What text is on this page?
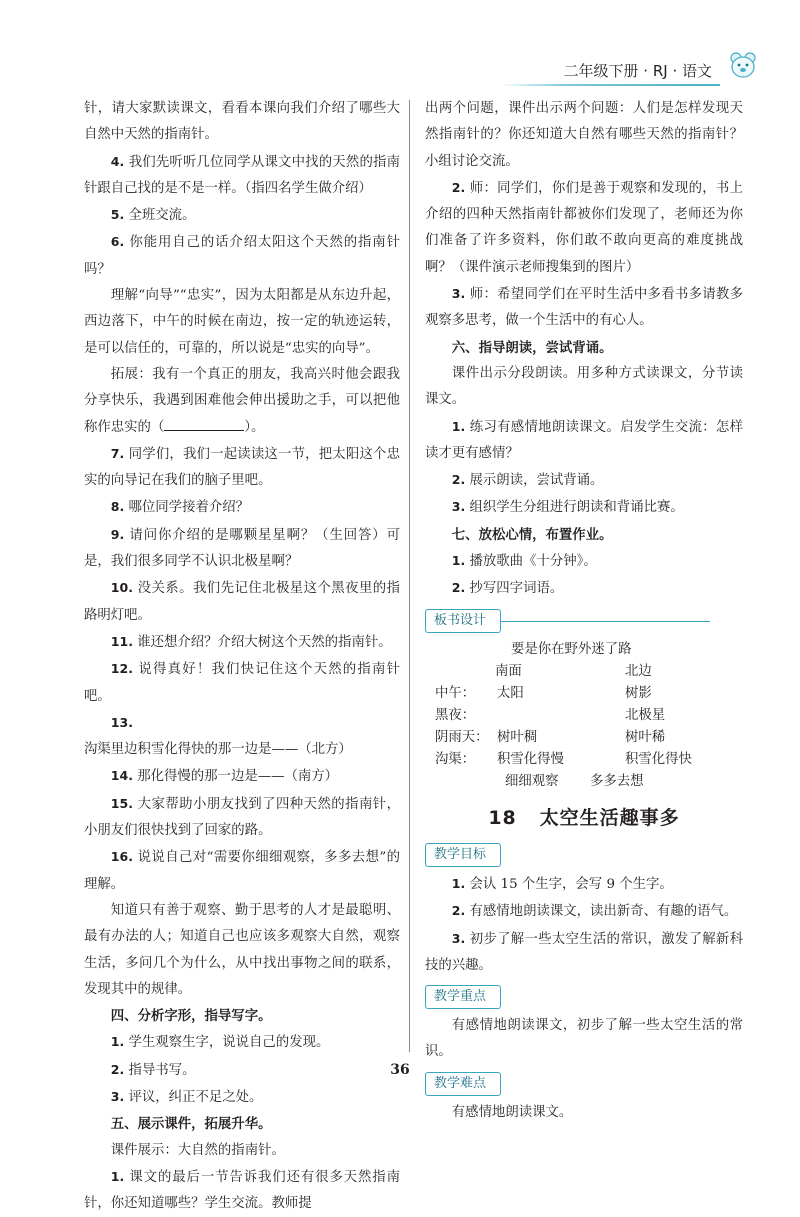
二年级下册 · RJ · 语文

针，请大家默读课文，看看本课向我们介绍了哪些大自然中天然的指南针。

4. 我们先听听几位同学从课文中找的天然的指南针跟自己找的是不是一样。（指四名学生做介绍）

5. 全班交流。

6. 你能用自己的话介绍太阳这个天然的指南针吗？

理解“向导”“忠实”，因为太阳都是从东边升起，西边落下，中午的时候在南边，按一定的轨迹运转，是可以信任的，可靠的，所以说是“忠实的向导”。

拓展：我有一个真正的朋友，我高兴时他会跟我分享快乐，我遇到困难他会伸出援助之手，可以把他称作忠实的（	）。

7. 同学们，我们一起读读这一节，把太阳这个忠实的向导记在我们的脑子里吧。

8. 哪位同学接着介绍？

9. 请问你介绍的是哪颗星星啊？（生回答）可是，我们很多同学不认识北极星啊？

10. 没关系。我们先记住北极星这个黑夜里的指路明灯吧。

11. 谁还想介绍？介绍大树这个天然的指南针。

12. 说得真好！我们快记住这个天然的指南针吧。

13. 沟渠里边积雪化得快的那一边是——（北方）

14. 那化得慢的那一边是——（南方）

15. 大家帮助小朋友找到了四种天然的指南针，小朋友们很快找到了回家的路。

16. 说说自己对“需要你细细观察，多多去想”的理解。

知道只有善于观察、勤于思考的人才是最聪明、最有办法的人；知道自己也应该多观察大自然，观察生活，多问几个为什么，从中找出事物之间的联系，发现其中的规律。

四、分析字形，指导写字。

1. 学生观察生字，说说自己的发现。

2. 指导书写。

3. 评议，纠正不足之处。

五、展示课件，拓展升华。

课件展示：大自然的指南针。

1. 课文的最后一节告诉我们还有很多天然指南针，你还知道哪些？学生交流。教师提

出两个问题，课件出示两个问题：人们是怎样发现天然指南针的？你还知道大自然有哪些天然的指南针？小组讨论交流。

2. 师：同学们，你们是善于观察和发现的，书上介绍的四种天然指南针都被你们发现了，老师还为你们准备了许多资料，你们敢不敢向更高的难度挑战啊？（课件演示老师搜集到的图片）

3. 师：希望同学们在平时生活中多看书多请教多观察多思考，做一个生活中的有心人。

六、指导朗读，尝试背诵。

课件出示分段朗读。用多种方式读课文，分节读课文。

1. 练习有感情地朗读课文。启发学生交流：怎样读才更有感情？

2. 展示朗读，尝试背诵。

3. 组织学生分组进行朗读和背诵比赛。

七、放松心情，布置作业。

1. 播放歌曲《十分钟》。

2. 抄写四字词语。

板书设计
要是你在野外迷了路
南面	北边
中午： 太阳	树影
黑夜：	北极星
阴雨天： 树叶稠	树叶稀
沟渠： 积雪化得慢	积雪化得快
细细观察 多多去想
18 太空生活趣事多
教学目标

1. 会认 15 个生字，会写 9 个生字。

2. 有感情地朗读课文，读出新奇、有趣的语气。

3. 初步了解一些太空生活的常识，激发了解新科技的兴趣。

教学重点

有感情地朗读课文，初步了解一些太空生活的常识。

教学难点

有感情地朗读课文。

36
